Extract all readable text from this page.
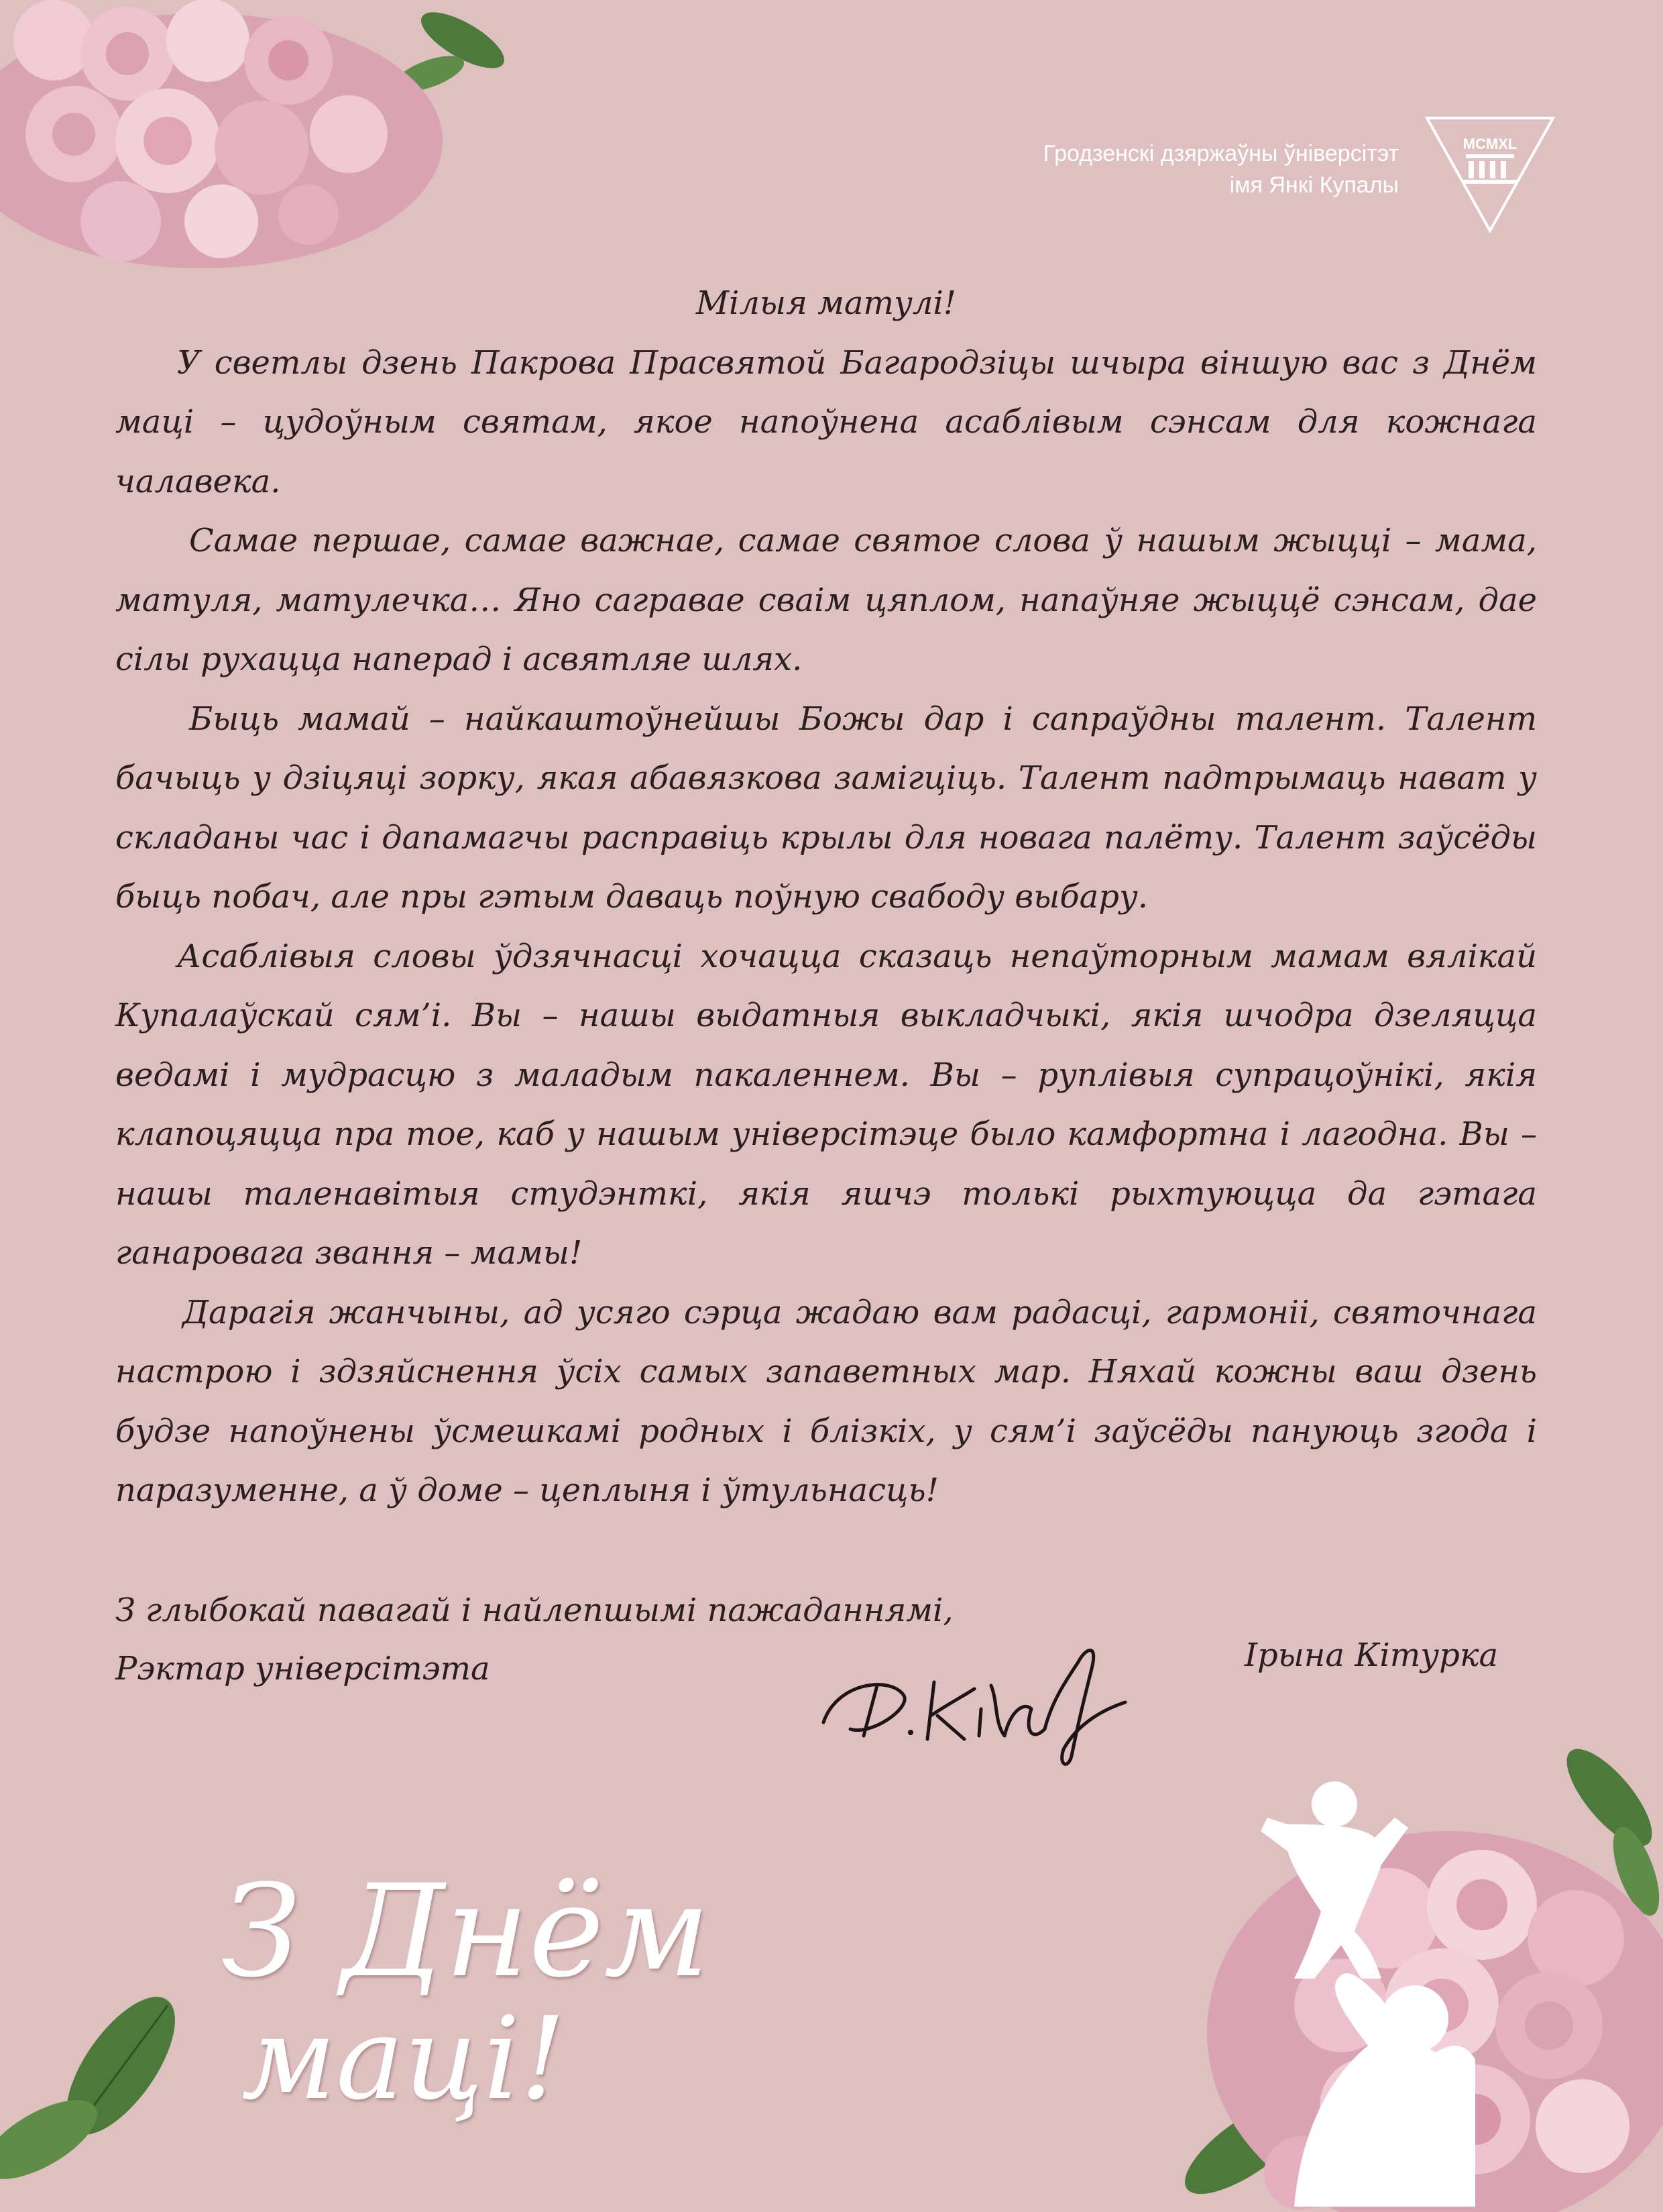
Гродзенскі дзяржаўны ўніверсітэт
імя Янкі Купалы
MCMXL

Мілыя матулі!

У светлы дзень Пакрова Прасвятой Багародзіцы шчыра віншую вас з Днём маці – цудоўным святам, якое напоўнена асаблівым сэнсам для кожнага чалавека.

Самае першае, самае важнае, самае святое слова ў нашым жыцці – мама, матуля, матулечка… Яно саграваe сваім цяплом, напаўняе жыццё сэнсам, дае сілы рухацца наперад і асвятляе шлях.

Быць мамай – найкаштоўнейшы Божы дар і сапраўдны талент. Талент бачыць у дзіцяці зорку, якая абавязкова замігціць. Талент падтрымаць нават у складаны час і дапамагчы расправіць крылы для новага палёту. Талент заўсёды быць побач, але пры гэтым даваць поўную свабоду выбару.

Асаблівыя словы ўдзячнасці хочацца сказаць непаўторным мамам вялікай Купалаўскай сям’і. Вы – нашы выдатныя выкладчыкі, якія шчодра дзеляцца ведамі і мудрасцю з маладым пакаленнем. Вы – руплівыя супрацоўнікі, якія клапоцяцца пра тое, каб у нашым універсітэце было камфортна і лагодна. Вы – нашы таленавітыя студэнткі, якія яшчэ толькі рыхтуюцца да гэтага ганаровага звання – мамы!

Дарагія жанчыны, ад усяго сэрца жадаю вам радасці, гармоніі, святочнага настрою і здзяйснення ўсіх самых запаветных мар. Няхай кожны ваш дзень будзе напоўнены ўсмешкамі родных і блізкіх, у сям’і заўсёды пануюць згода і паразуменне, а ў доме – цеплыня і ўтульнасць!

З глыбокай павагай і найлепшымі пажаданнямі,
Рэктар універсітэта	Ірына Кітурка
З Днём
маці!
